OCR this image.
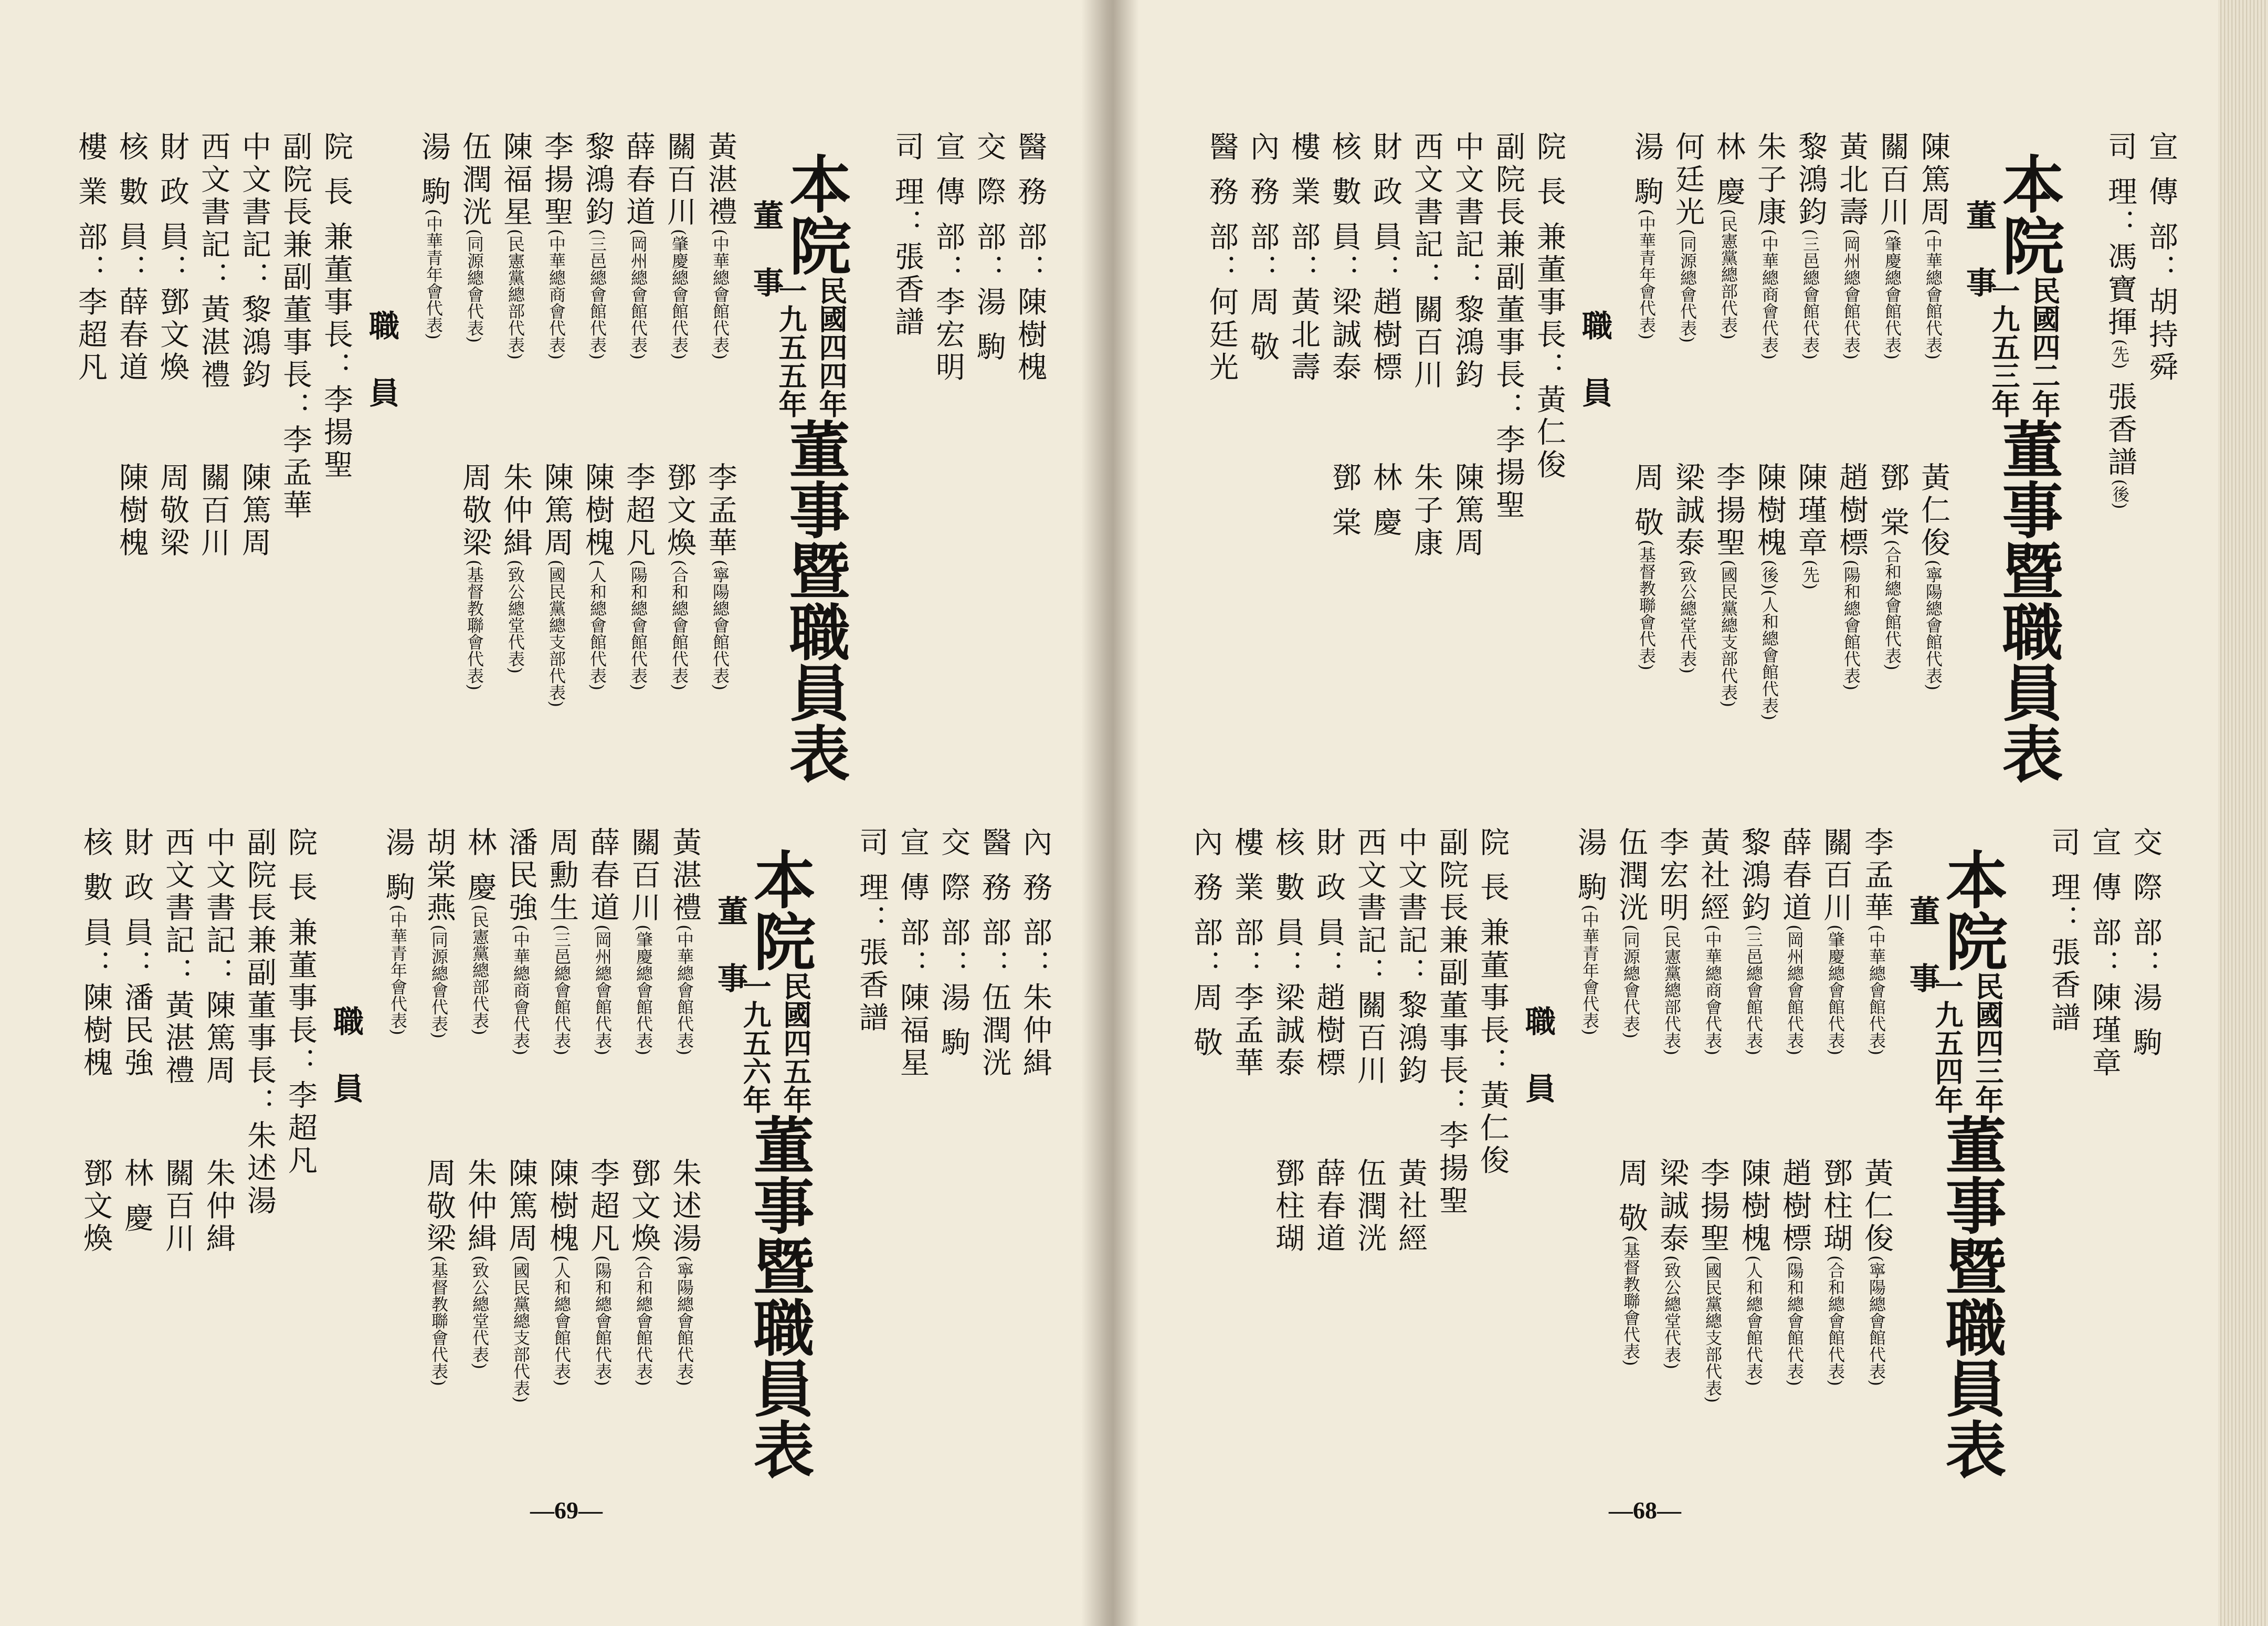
醫 務 部：陳樹槐
交 際 部：湯 駒
宣 傳 部：李宏明
司 理：張香譜
本院
民國四四年
一九五五年
董事暨職員表
董事
黃湛禮(中華總會館代表)李孟華(寧陽總會館代表)
關百川(肇慶總會館代表)鄧文煥(合和總會館代表)
薛春道(岡州總會館代表)李超凡(陽和總會館代表)
黎鴻鈞(三邑總會館代表)陳樹槐(人和總會館代表)
李揚聖(中華總商會代表)陳篤周(國民黨總支部代表)
陳福星(民憲黨總部代表)朱仲緝(致公總堂代表)
伍潤洸(同源總會代表)周敬梁(基督教聯會代表)
湯 駒(中華青年會代表)
職員
院 長 兼董事長：李揚聖
副院長兼副董事長：李孟華
中文書記：黎鴻鈞陳篤周
西文書記：黃湛禮關百川
財 政 員：鄧文煥周敬梁
核 數 員：薛春道陳樹槐
樓 業 部：李超凡
內 務 部：朱仲緝
醫 務 部：伍潤洸
交 際 部：湯 駒
宣 傳 部：陳福星
司 理：張香譜
本院
民國四五年
一九五六年
董事暨職員表
董事
黃湛禮(中華總會館代表)朱述湯(寧陽總會館代表)
關百川(肇慶總會館代表)鄧文煥(合和總會館代表)
薛春道(岡州總會館代表)李超凡(陽和總會館代表)
周勳生(三邑總會館代表)陳樹槐(人和總會館代表)
潘民強(中華總商會代表)陳篤周(國民黨總支部代表)
林 慶(民憲黨總部代表)朱仲緝(致公總堂代表)
胡棠燕(同源總會代表)周敬梁(基督教聯會代表)
湯 駒(中華青年會代表)
職員
院 長 兼董事長：李超凡
副院長兼副董事長：朱述湯
中文書記：陳篤周朱仲緝
西文書記：黃湛禮關百川
財 政 員：潘民強林 慶
核 數 員：陳樹槐鄧文煥
—69—
宣 傳 部：胡持舜
司 理：馮寶揮(先) 張香譜(後)
本院
民國四二年
一九五三年
董事暨職員表
董事
陳篤周(中華總會館代表)黃仁俊(寧陽總會館代表)
關百川(肇慶總會館代表)鄧 棠(合和總會館代表)
黃北壽(岡州總會館代表)趙樹標(陽和總會館代表)
黎鴻鈞(三邑總會館代表)陳瑾章(先)
朱子康(中華總商會代表)陳樹槐(後)(人和總會館代表)
林 慶(民憲黨總部代表)李揚聖(國民黨總支部代表)
何廷光(同源總會代表)梁誠泰(致公總堂代表)
湯 駒(中華青年會代表)周 敬(基督教聯會代表)
職員
院 長 兼董事長：黃仁俊
副院長兼副董事長：李揚聖
中文書記：黎鴻鈞陳篤周
西文書記：關百川朱子康
財 政 員：趙樹標林 慶
核 數 員：梁誠泰鄧 棠
樓 業 部：黃北壽
內 務 部：周 敬
醫 務 部：何廷光
交 際 部：湯 駒
宣 傳 部：陳瑾章
司 理：張香譜
本院
民國四三年
一九五四年
董事暨職員表
董事
李孟華(中華總會館代表)黃仁俊(寧陽總會館代表)
關百川(肇慶總會館代表)鄧柱瑚(合和總會館代表)
薛春道(岡州總會館代表)趙樹標(陽和總會館代表)
黎鴻鈞(三邑總會館代表)陳樹槐(人和總會館代表)
黃社經(中華總商會代表)李揚聖(國民黨總支部代表)
李宏明(民憲黨總部代表)梁誠泰(致公總堂代表)
伍潤洸(同源總會代表)周 敬(基督教聯會代表)
湯 駒(中華青年會代表)
職員
院 長 兼董事長：黃仁俊
副院長兼副董事長：李揚聖
中文書記：黎鴻鈞黃社經
西文書記：關百川伍潤洸
財 政 員：趙樹標薛春道
核 數 員：梁誠泰鄧柱瑚
樓 業 部：李孟華
內 務 部：周 敬
—68—
